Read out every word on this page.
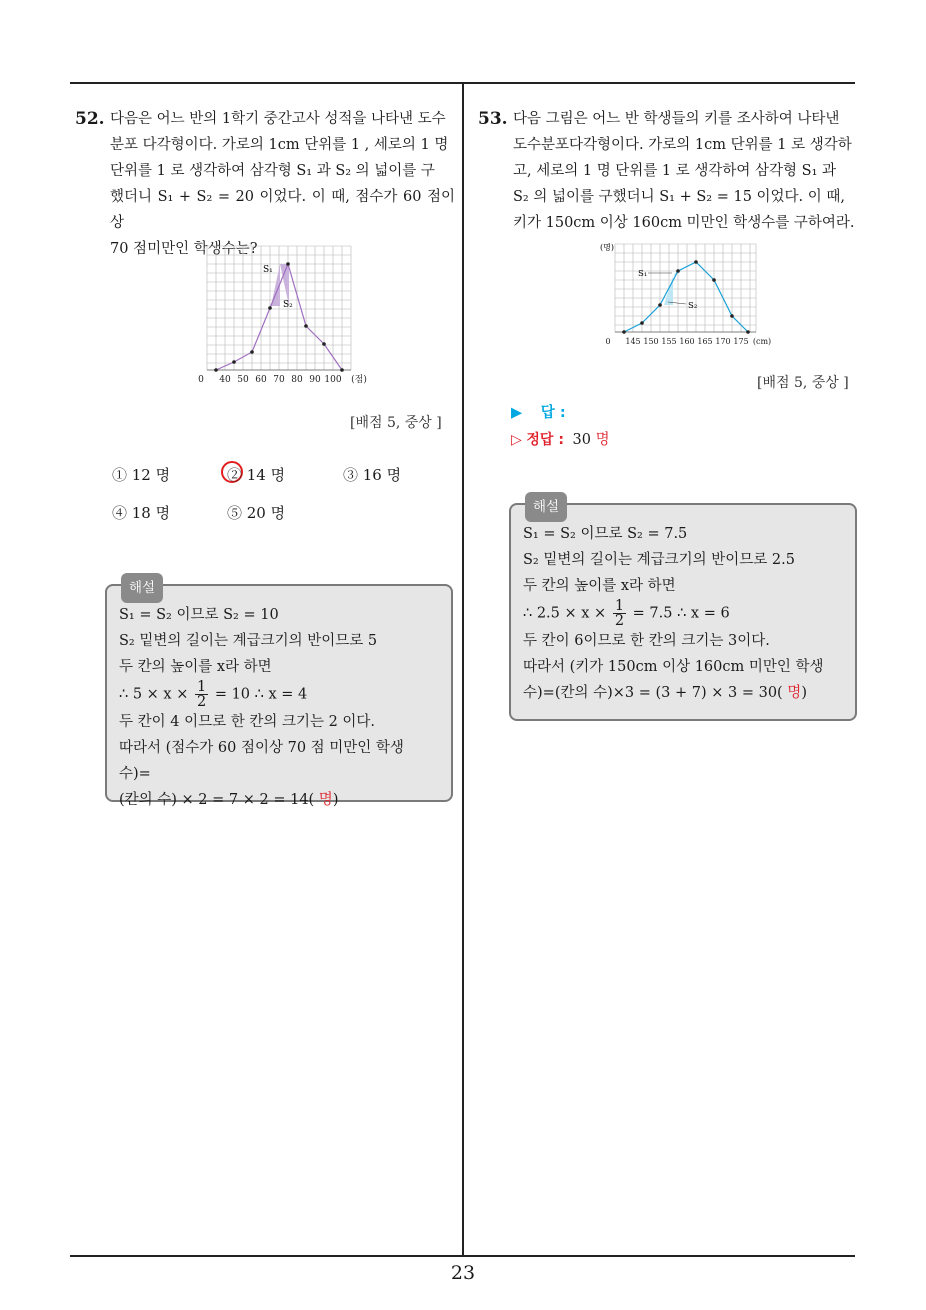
23
52. 다음은 어느 반의 1학기 중간고사 성적을 나타낸 도수

분포 다각형이다. 가로의 1cm 단위를 1 , 세로의 1 명

단위를 1 로 생각하여 삼각형 S₁ 과 S₂ 의 넓이를 구

했더니 S₁ + S₂ = 20 이었다. 이 때, 점수가 60 점이상

70 점미만인 학생수는?

S₁
S₂
0 40 50 60 70 80 90 100 (점)
[배점 5, 중상 ]
① 12 명	② 14 명	③ 16 명
④ 18 명	⑤ 20 명
해설

S₁ = S₂ 이므로 S₂ = 10

S₂ 밑변의 길이는 계급크기의 반이므로 5

두 칸의 높이를 x라 하면

∴ $5 \times x \times \frac{1}{2} = 10$ ∴ x = 4

두 칸이 4 이므로 한 칸의 크기는 2 이다.

따라서 (점수가 60 점이상 70 점 미만인 학생 수)=

(칸의 수) × 2 = 7 × 2 = 14( 명)

53. 다음 그림은 어느 반 학생들의 키를 조사하여 나타낸

도수분포다각형이다. 가로의 1cm 단위를 1 로 생각하

고, 세로의 1 명 단위를 1 로 생각하여 삼각형 S₁ 과

S₂ 의 넓이를 구했더니 S₁ + S₂ = 15 이었다. 이 때,

키가 150cm 이상 160cm 미만인 학생수를 구하여라.

(명)
S₁
S₂
0 145 150 155 160 165 170 175 (cm)
[배점 5, 중상 ]
▶ 답 :
▷ 정답 : 30 명
해설

S₁ = S₂ 이므로 S₂ = 7.5

S₂ 밑변의 길이는 계급크기의 반이므로 2.5

두 칸의 높이를 x라 하면

∴ $2.5 \times x \times \frac{1}{2} = 7.5$ ∴ x = 6

두 칸이 6이므로 한 칸의 크기는 3이다.

따라서 (키가 150cm 이상 160cm 미만인 학생

수)=(칸의 수)×3 = (3 + 7) × 3 = 30( 명)
